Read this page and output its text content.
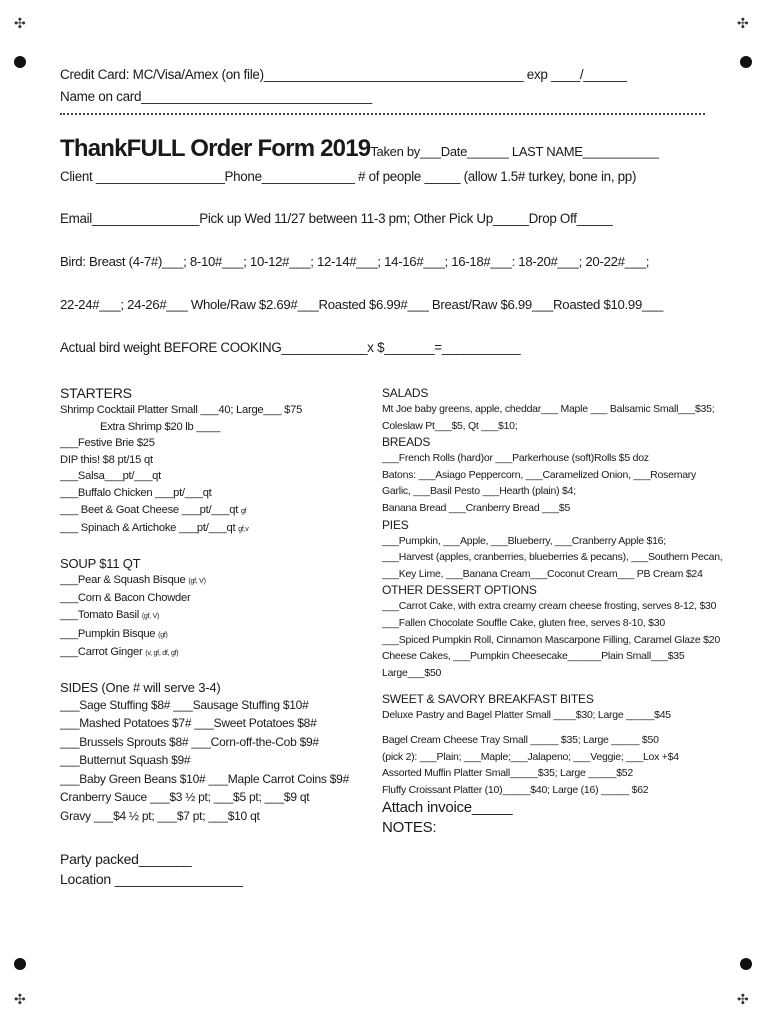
✣	✣
✣	✣
Credit Card: MC/Visa/Amex (on file)____________________________________ exp ____/______
Name on card________________________________
ThankFULL Order Form 2019Taken by___Date______ LAST NAME___________
Client __________________Phone_____________ # of people _____ (allow 1.5# turkey, bone in, pp)
Email_______________Pick up Wed 11/27 between 11-3 pm; Other Pick Up_____Drop Off_____
Bird: Breast (4-7#)___; 8-10#___; 10-12#___; 12-14#___; 14-16#___; 16-18#___: 18-20#___; 20-22#___;
22-24#___; 24-26#___ Whole/Raw $2.69#___Roasted $6.99#___ Breast/Raw $6.99___Roasted $10.99___
Actual bird weight BEFORE COOKING____________x $_______=___________
STARTERS
Shrimp Cocktail Platter Small ___40; Large___ $75
Extra Shrimp $20 lb ____
___Festive Brie $25
DIP this! $8 pt/15 qt
___Salsa___pt/___qt
___Buffalo Chicken ___pt/___qt
___ Beet & Goat Cheese ___pt/___qt gf
___ Spinach & Artichoke ___pt/___qt gf,v
SOUP $11 QT
___Pear & Squash Bisque (gf, V)
___Corn & Bacon Chowder
___Tomato Basil (gf, V)
___Pumpkin Bisque (gf)
___Carrot Ginger (v, gf, df, gf)
SIDES (One # will serve 3-4)
___Sage Stuffing $8# ___Sausage Stuffing $10#
___Mashed Potatoes $7# ___Sweet Potatoes $8#
___Brussels Sprouts $8# ___Corn-off-the-Cob $9#
___Butternut Squash $9#
___Baby Green Beans $10# ___Maple Carrot Coins $9#
Cranberry Sauce ___$3 ½ pt; ___$5 pt; ___$9 qt
Gravy ___$4 ½ pt; ___$7 pt; ___$10 qt
Party packed_______
Location _________________
SALADS
Mt Joe baby greens, apple, cheddar___ Maple ___ Balsamic Small___$35;
Coleslaw Pt___$5, Qt ___$10;
BREADS
___French Rolls (hard)or ___Parkerhouse (soft)Rolls $5 doz
Batons: ___Asiago Peppercorn, ___Caramelized Onion, ___Rosemary
Garlic, ___Basil Pesto ___Hearth (plain) $4;
Banana Bread ___Cranberry Bread ___$5
PIES
___Pumpkin, ___Apple, ___Blueberry, ___Cranberry Apple $16;
___Harvest (apples, cranberries, blueberries & pecans), ___Southern Pecan,
___Key Lime, ___Banana Cream___Coconut Cream___ PB Cream $24
OTHER DESSERT OPTIONS
___Carrot Cake, with extra creamy cream cheese frosting, serves 8-12, $30
___Fallen Chocolate Souffle Cake, gluten free, serves 8-10, $30
___Spiced Pumpkin Roll, Cinnamon Mascarpone Filling, Caramel Glaze $20
Cheese Cakes, ___Pumpkin Cheesecake______Plain Small___$35
Large___$50
SWEET & SAVORY BREAKFAST BITES
Deluxe Pastry and Bagel Platter Small ____$30; Large _____$45
Bagel Cream Cheese Tray Small _____ $35; Large _____ $50
(pick 2): ___Plain; ___Maple;___Jalapeno; ___Veggie; ___Lox +$4
Assorted Muffin Platter Small_____$35; Large _____$52
Fluffy Croissant Platter (10)_____$40; Large (16) _____ $62
Attach invoice_____
NOTES:
